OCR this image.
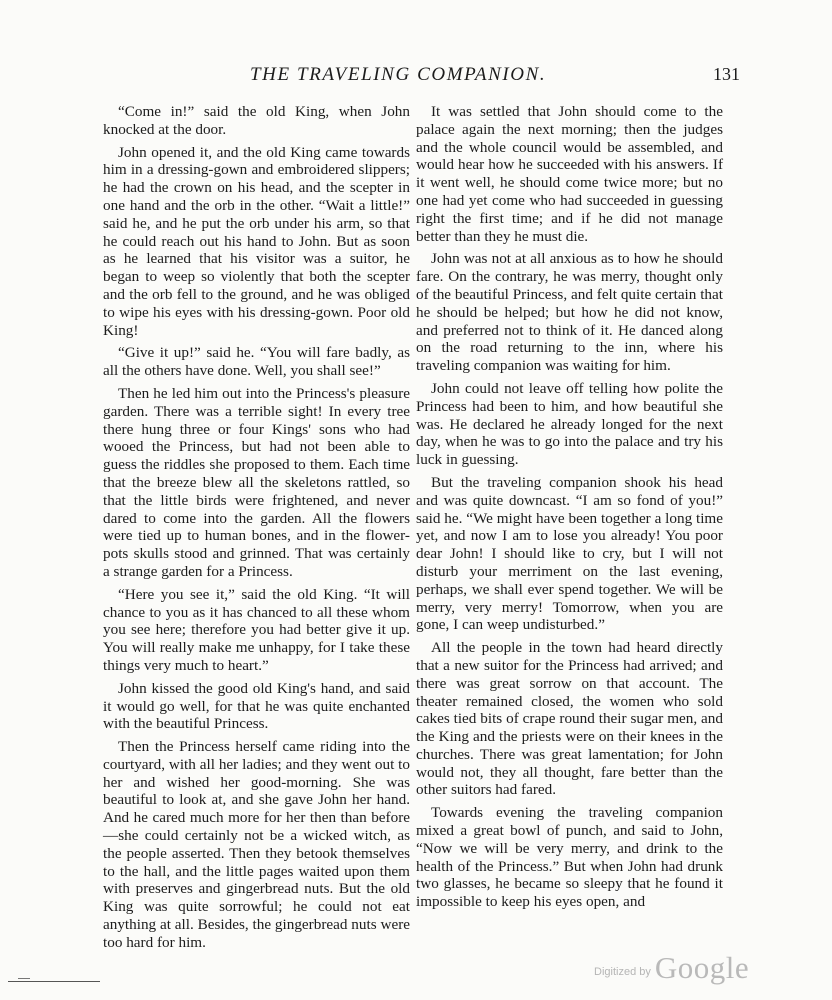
THE TRAVELING COMPANION.	131

“Come in!” said the old King, when John knocked at the door.

John opened it, and the old King came towards him in a dressing-gown and embroidered slippers; he had the crown on his head, and the scepter in one hand and the orb in the other. “Wait a little!” said he, and he put the orb under his arm, so that he could reach out his hand to John. But as soon as he learned that his visitor was a suitor, he began to weep so violently that both the scepter and the orb fell to the ground, and he was obliged to wipe his eyes with his dressing-gown. Poor old King!

“Give it up!” said he. “You will fare badly, as all the others have done. Well, you shall see!”

Then he led him out into the Princess's pleasure garden. There was a terrible sight! In every tree there hung three or four Kings' sons who had wooed the Princess, but had not been able to guess the riddles she proposed to them. Each time that the breeze blew all the skeletons rattled, so that the little birds were frightened, and never dared to come into the garden. All the flowers were tied up to human bones, and in the flower-pots skulls stood and grinned. That was certainly a strange garden for a Princess.

“Here you see it,” said the old King. “It will chance to you as it has chanced to all these whom you see here; therefore you had better give it up. You will really make me unhappy, for I take these things very much to heart.”

John kissed the good old King's hand, and said it would go well, for that he was quite enchanted with the beautiful Princess.

Then the Princess herself came riding into the courtyard, with all her ladies; and they went out to her and wished her good-morning. She was beautiful to look at, and she gave John her hand. And he cared much more for her then than before—she could certainly not be a wicked witch, as the people asserted. Then they betook themselves to the hall, and the little pages waited upon them with preserves and gingerbread nuts. But the old King was quite sorrowful; he could not eat anything at all. Besides, the gingerbread nuts were too hard for him.

It was settled that John should come to the palace again the next morning; then the judges and the whole council would be assembled, and would hear how he succeeded with his answers. If it went well, he should come twice more; but no one had yet come who had succeeded in guessing right the first time; and if he did not manage better than they he must die.

John was not at all anxious as to how he should fare. On the contrary, he was merry, thought only of the beautiful Princess, and felt quite certain that he should be helped; but how he did not know, and preferred not to think of it. He danced along on the road returning to the inn, where his traveling companion was waiting for him.

John could not leave off telling how polite the Princess had been to him, and how beautiful she was. He declared he already longed for the next day, when he was to go into the palace and try his luck in guessing.

But the traveling companion shook his head and was quite downcast. “I am so fond of you!” said he. “We might have been together a long time yet, and now I am to lose you already! You poor dear John! I should like to cry, but I will not disturb your merriment on the last evening, perhaps, we shall ever spend together. We will be merry, very merry! Tomorrow, when you are gone, I can weep undisturbed.”

All the people in the town had heard directly that a new suitor for the Princess had arrived; and there was great sorrow on that account. The theater remained closed, the women who sold cakes tied bits of crape round their sugar men, and the King and the priests were on their knees in the churches. There was great lamentation; for John would not, they all thought, fare better than the other suitors had fared.

Towards evening the traveling companion mixed a great bowl of punch, and said to John, “Now we will be very merry, and drink to the health of the Princess.” But when John had drunk two glasses, he became so sleepy that he found it impossible to keep his eyes open, and

Digitized by Google
